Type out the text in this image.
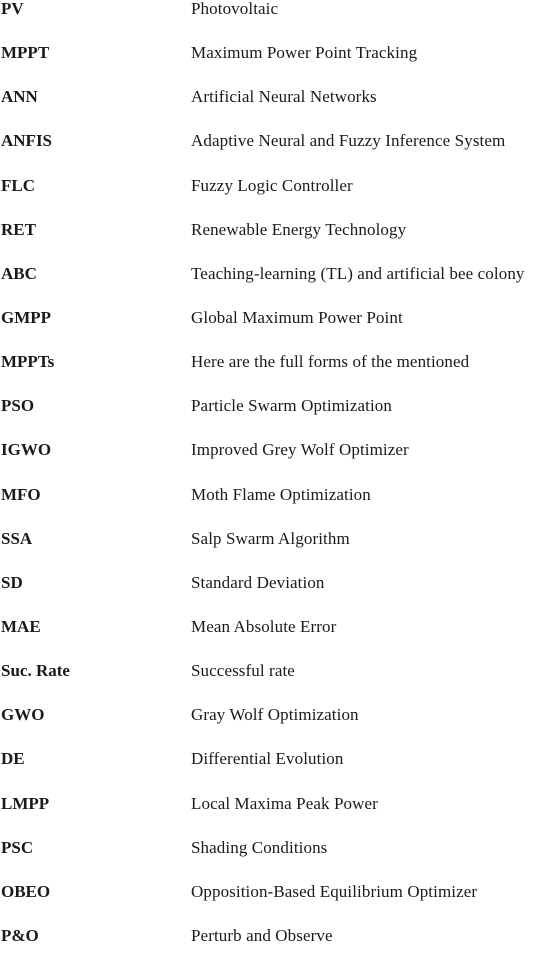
PV	Photovoltaic
MPPT	Maximum Power Point Tracking
ANN	Artificial Neural Networks
ANFIS	Adaptive Neural and Fuzzy Inference System
FLC	Fuzzy Logic Controller
RET	Renewable Energy Technology
ABC	Teaching-learning (TL) and artificial bee colony
GMPP	Global Maximum Power Point
MPPTs	Here are the full forms of the mentioned
PSO	Particle Swarm Optimization
IGWO	Improved Grey Wolf Optimizer
MFO	Moth Flame Optimization
SSA	Salp Swarm Algorithm
SD	Standard Deviation
MAE	Mean Absolute Error
Suc. Rate	Successful rate
GWO	Gray Wolf Optimization
DE	Differential Evolution
LMPP	Local Maxima Peak Power
PSC	Shading Conditions
OBEO	Opposition-Based Equilibrium Optimizer
P&O	Perturb and Observe
